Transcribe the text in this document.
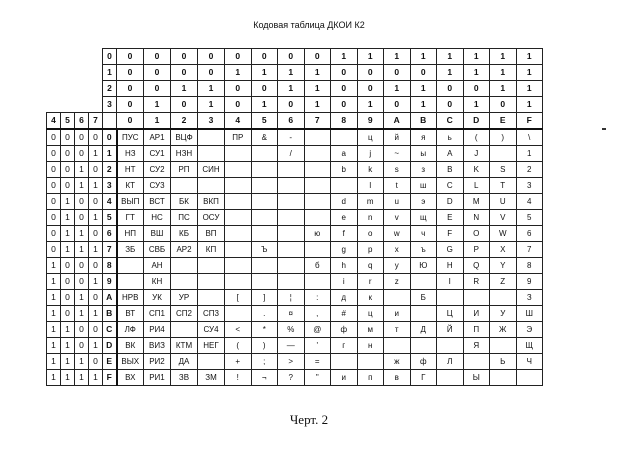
Кодовая таблица ДКОИ К2
				0	0	0	0	0	0	0	0	0	1	1	1	1	1	1	1	1
				1	0	0	0	0	1	1	1	1	0	0	0	0	1	1	1	1
				2	0	0	1	1	0	0	1	1	0	0	1	1	0	0	1	1
				3	0	1	0	1	0	1	0	1	0	1	0	1	0	1	0	1
4	5	6	7		0	1	2	3	4	5	6	7	8	9	A	B	C	D	E	F
0	0	0	0	0	ПУС	АР1	ВЦФ		ПР	&	-			ц	й	я	ь	(	)	\
0	0	0	1	1	НЗ	СУ1	НЗН				/		a	j	~	ы	A	J		1
0	0	1	0	2	НТ	СУ2	РП	СИН					b	k	s	з	B	K	S	2
0	0	1	1	3	КТ	СУ3								l	t	ш	C	L	T	3
0	1	0	0	4	ВЫП	ВСТ	БК	ВКП					d	m	u	э	D	M	U	4
0	1	0	1	5	ГТ	НС	ПС	ОСУ					e	n	v	щ	E	N	V	5
0	1	1	0	6	НП	ВШ	КБ	ВП				ю	f	o	w	ч	F	O	W	6
0	1	1	1	7	ЗБ	СВБ	АР2	КП		Ъ			g	p	x	ъ	G	P	X	7
1	0	0	0	8		АН						б	h	q	y	Ю	H	Q	Y	8
1	0	0	1	9		КН							i	r	z		I	R	Z	9
1	0	1	0	A	НРВ	УК	УР		[	]	¦	:	д	к		Б				З
1	0	1	1	B	ВТ	СП1	СП2	СП3		.	¤	,	#	ц	и		Ц	И	У	Ш
1	1	0	0	C	ЛФ	РИ4		СУ4	<	*	%	@	ф	м	т	Д	Й	П	Ж	Э
1	1	0	1	D	ВК	ВИЗ	КТМ	НЕГ	(	)	—	'	г	н				Я		Щ
1	1	1	0	E	ВЫХ	РИ2	ДА		+	;	>	=			ж	ф	Л		Ь	Ч
1	1	1	1	F	ВХ	РИ1	ЗВ	ЗМ	!	¬	?	"	и	п	в	Г		Ы		
Черт. 2
